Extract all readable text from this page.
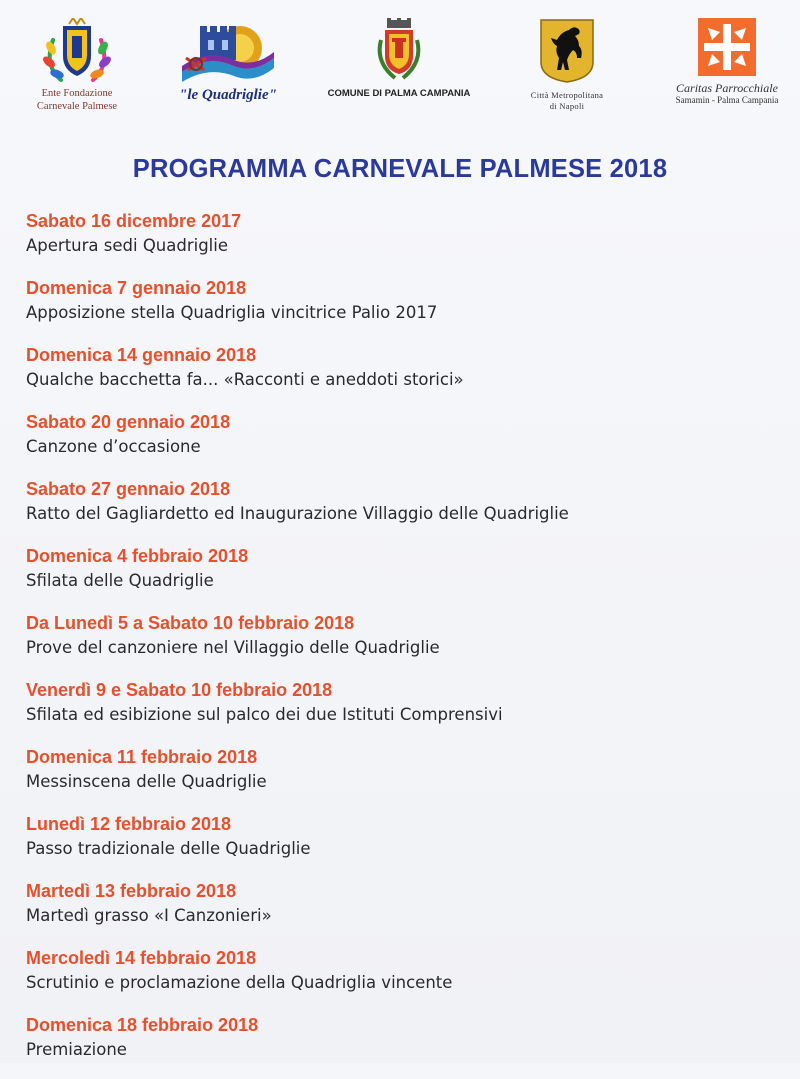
Ente Fondazione
Carnevale Palmese
"le Quadriglie"	COMUNE DI PALMA CAMPANIA	Città Metropolitana
di Napoli
Caritas Parrocchiale
Samamin - Palma Campania
PROGRAMMA CARNEVALE PALMESE 2018
Sabato 16 dicembre 2017
Apertura sedi Quadriglie
Domenica 7 gennaio 2018
Apposizione stella Quadriglia vincitrice Palio 2017
Domenica 14 gennaio 2018
Qualche bacchetta fa... «Racconti e aneddoti storici»
Sabato 20 gennaio 2018
Canzone d’occasione
Sabato 27 gennaio 2018
Ratto del Gagliardetto ed Inaugurazione Villaggio delle Quadriglie
Domenica 4 febbraio 2018
Sfilata delle Quadriglie
Da Lunedì 5 a Sabato 10 febbraio 2018
Prove del canzoniere nel Villaggio delle Quadriglie
Venerdì 9 e Sabato 10 febbraio 2018
Sfilata ed esibizione sul palco dei due Istituti Comprensivi
Domenica 11 febbraio 2018
Messinscena delle Quadriglie
Lunedì 12 febbraio 2018
Passo tradizionale delle Quadriglie
Martedì 13 febbraio 2018
Martedì grasso «I Canzonieri»
Mercoledì 14 febbraio 2018
Scrutinio e proclamazione della Quadriglia vincente
Domenica 18 febbraio 2018
Premiazione
